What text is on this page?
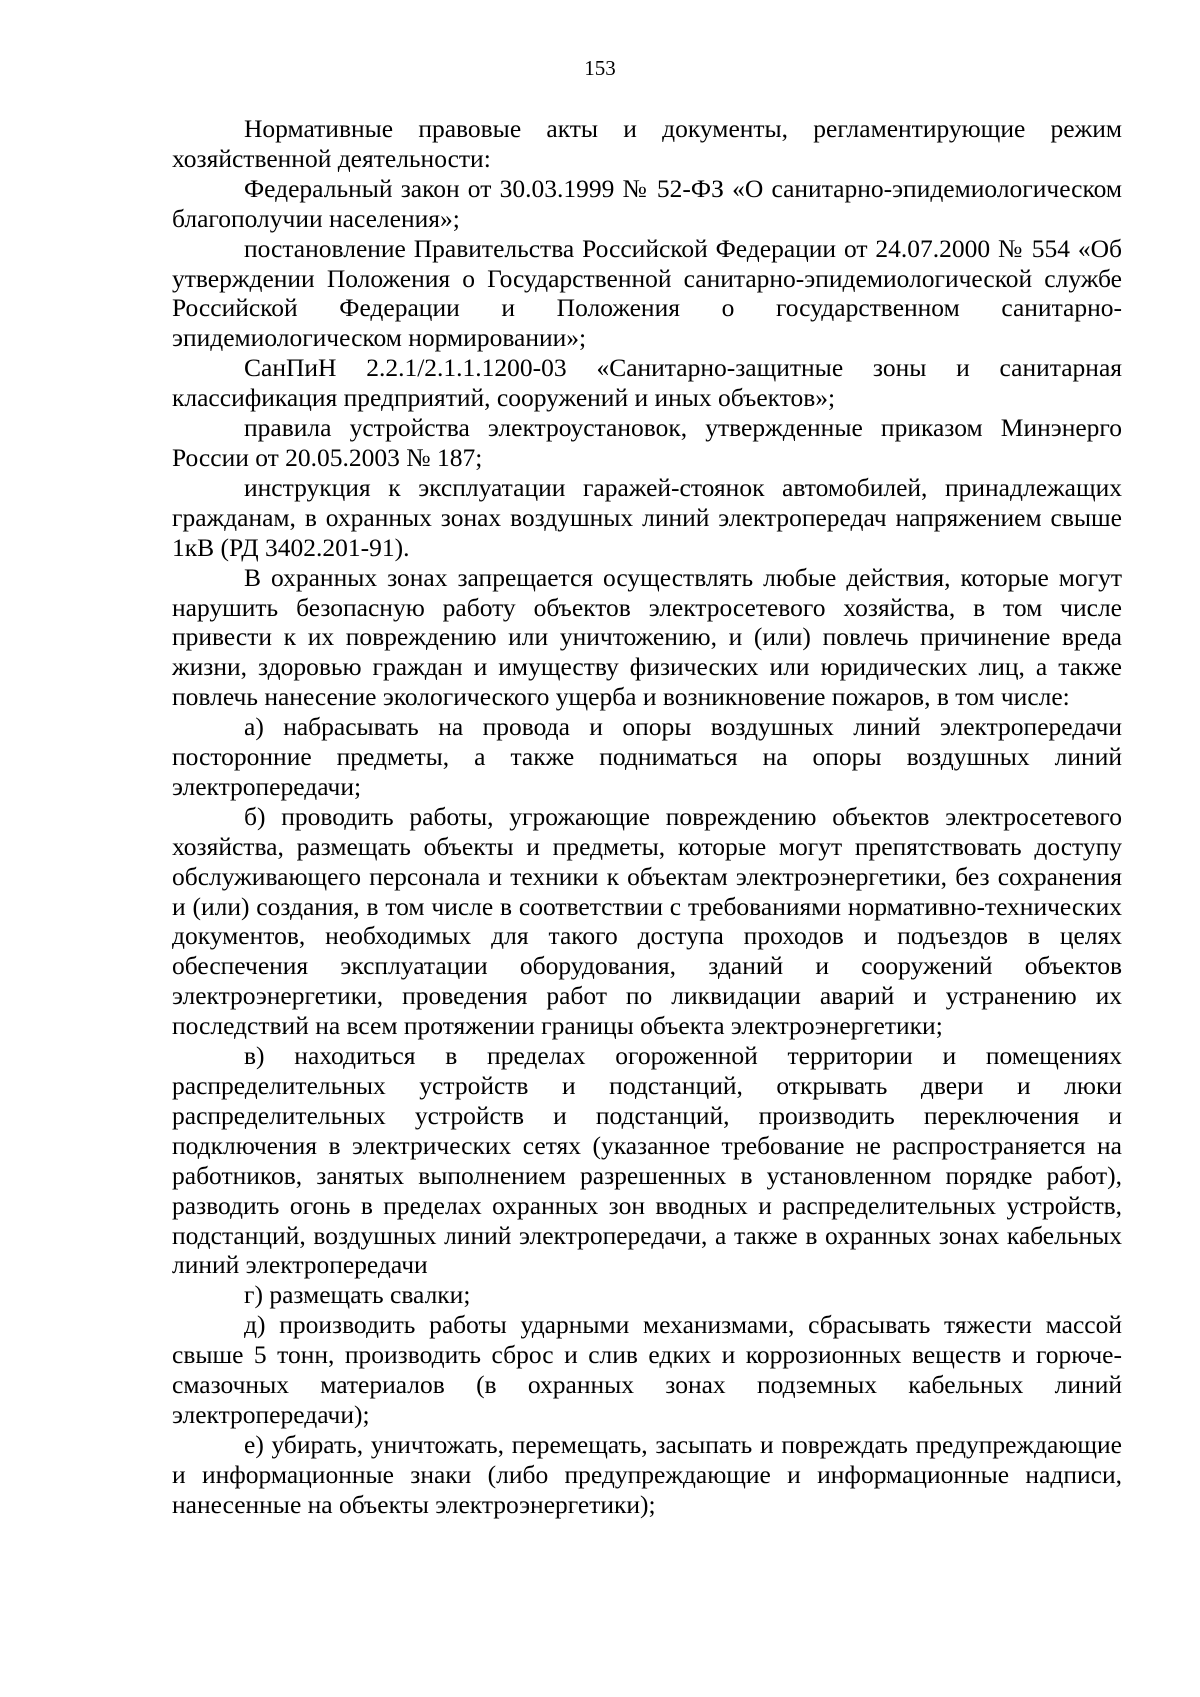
153

Нормативные правовые акты и документы, регламентирующие режим хозяйственной деятельности:

Федеральный закон от 30.03.1999 № 52-ФЗ «О санитарно-эпидемиологическом благополучии населения»;

постановление Правительства Российской Федерации от 24.07.2000 № 554 «Об утверждении Положения о Государственной санитарно-эпидемиологической службе Российской Федерации и Положения о государственном санитарно-эпидемиологическом нормировании»;

СанПиН 2.2.1/2.1.1.1200-03 «Санитарно-защитные зоны и санитарная классификация предприятий, сооружений и иных объектов»;

правила устройства электроустановок, утвержденные приказом Минэнерго России от 20.05.2003 № 187;

инструкция к эксплуатации гаражей-стоянок автомобилей, принадлежащих гражданам, в охранных зонах воздушных линий электропередач напряжением свыше 1кВ (РД 3402.201-91).

В охранных зонах запрещается осуществлять любые действия, которые могут нарушить безопасную работу объектов электросетевого хозяйства, в том числе привести к их повреждению или уничтожению, и (или) повлечь причинение вреда жизни, здоровью граждан и имуществу физических или юридических лиц, а также повлечь нанесение экологического ущерба и возникновение пожаров, в том числе:

а) набрасывать на провода и опоры воздушных линий электропередачи посторонние предметы, а также подниматься на опоры воздушных линий электропередачи;

б) проводить работы, угрожающие повреждению объектов электросетевого хозяйства, размещать объекты и предметы, которые могут препятствовать доступу обслуживающего персонала и техники к объектам электроэнергетики, без сохранения и (или) создания, в том числе в соответствии с требованиями нормативно-технических документов, необходимых для такого доступа проходов и подъездов в целях обеспечения эксплуатации оборудования, зданий и сооружений объектов электроэнергетики, проведения работ по ликвидации аварий и устранению их последствий на всем протяжении границы объекта электроэнергетики;

в) находиться в пределах огороженной территории и помещениях распределительных устройств и подстанций, открывать двери и люки распределительных устройств и подстанций, производить переключения и подключения в электрических сетях (указанное требование не распространяется на работников, занятых выполнением разрешенных в установленном порядке работ), разводить огонь в пределах охранных зон вводных и распределительных устройств, подстанций, воздушных линий электропередачи, а также в охранных зонах кабельных линий электропередачи

г) размещать свалки;

д) производить работы ударными механизмами, сбрасывать тяжести массой свыше 5 тонн, производить сброс и слив едких и коррозионных веществ и горюче-смазочных материалов (в охранных зонах подземных кабельных линий электропередачи);

е) убирать, уничтожать, перемещать, засыпать и повреждать предупреждающие и информационные знаки (либо предупреждающие и информационные надписи, нанесенные на объекты электроэнергетики);
